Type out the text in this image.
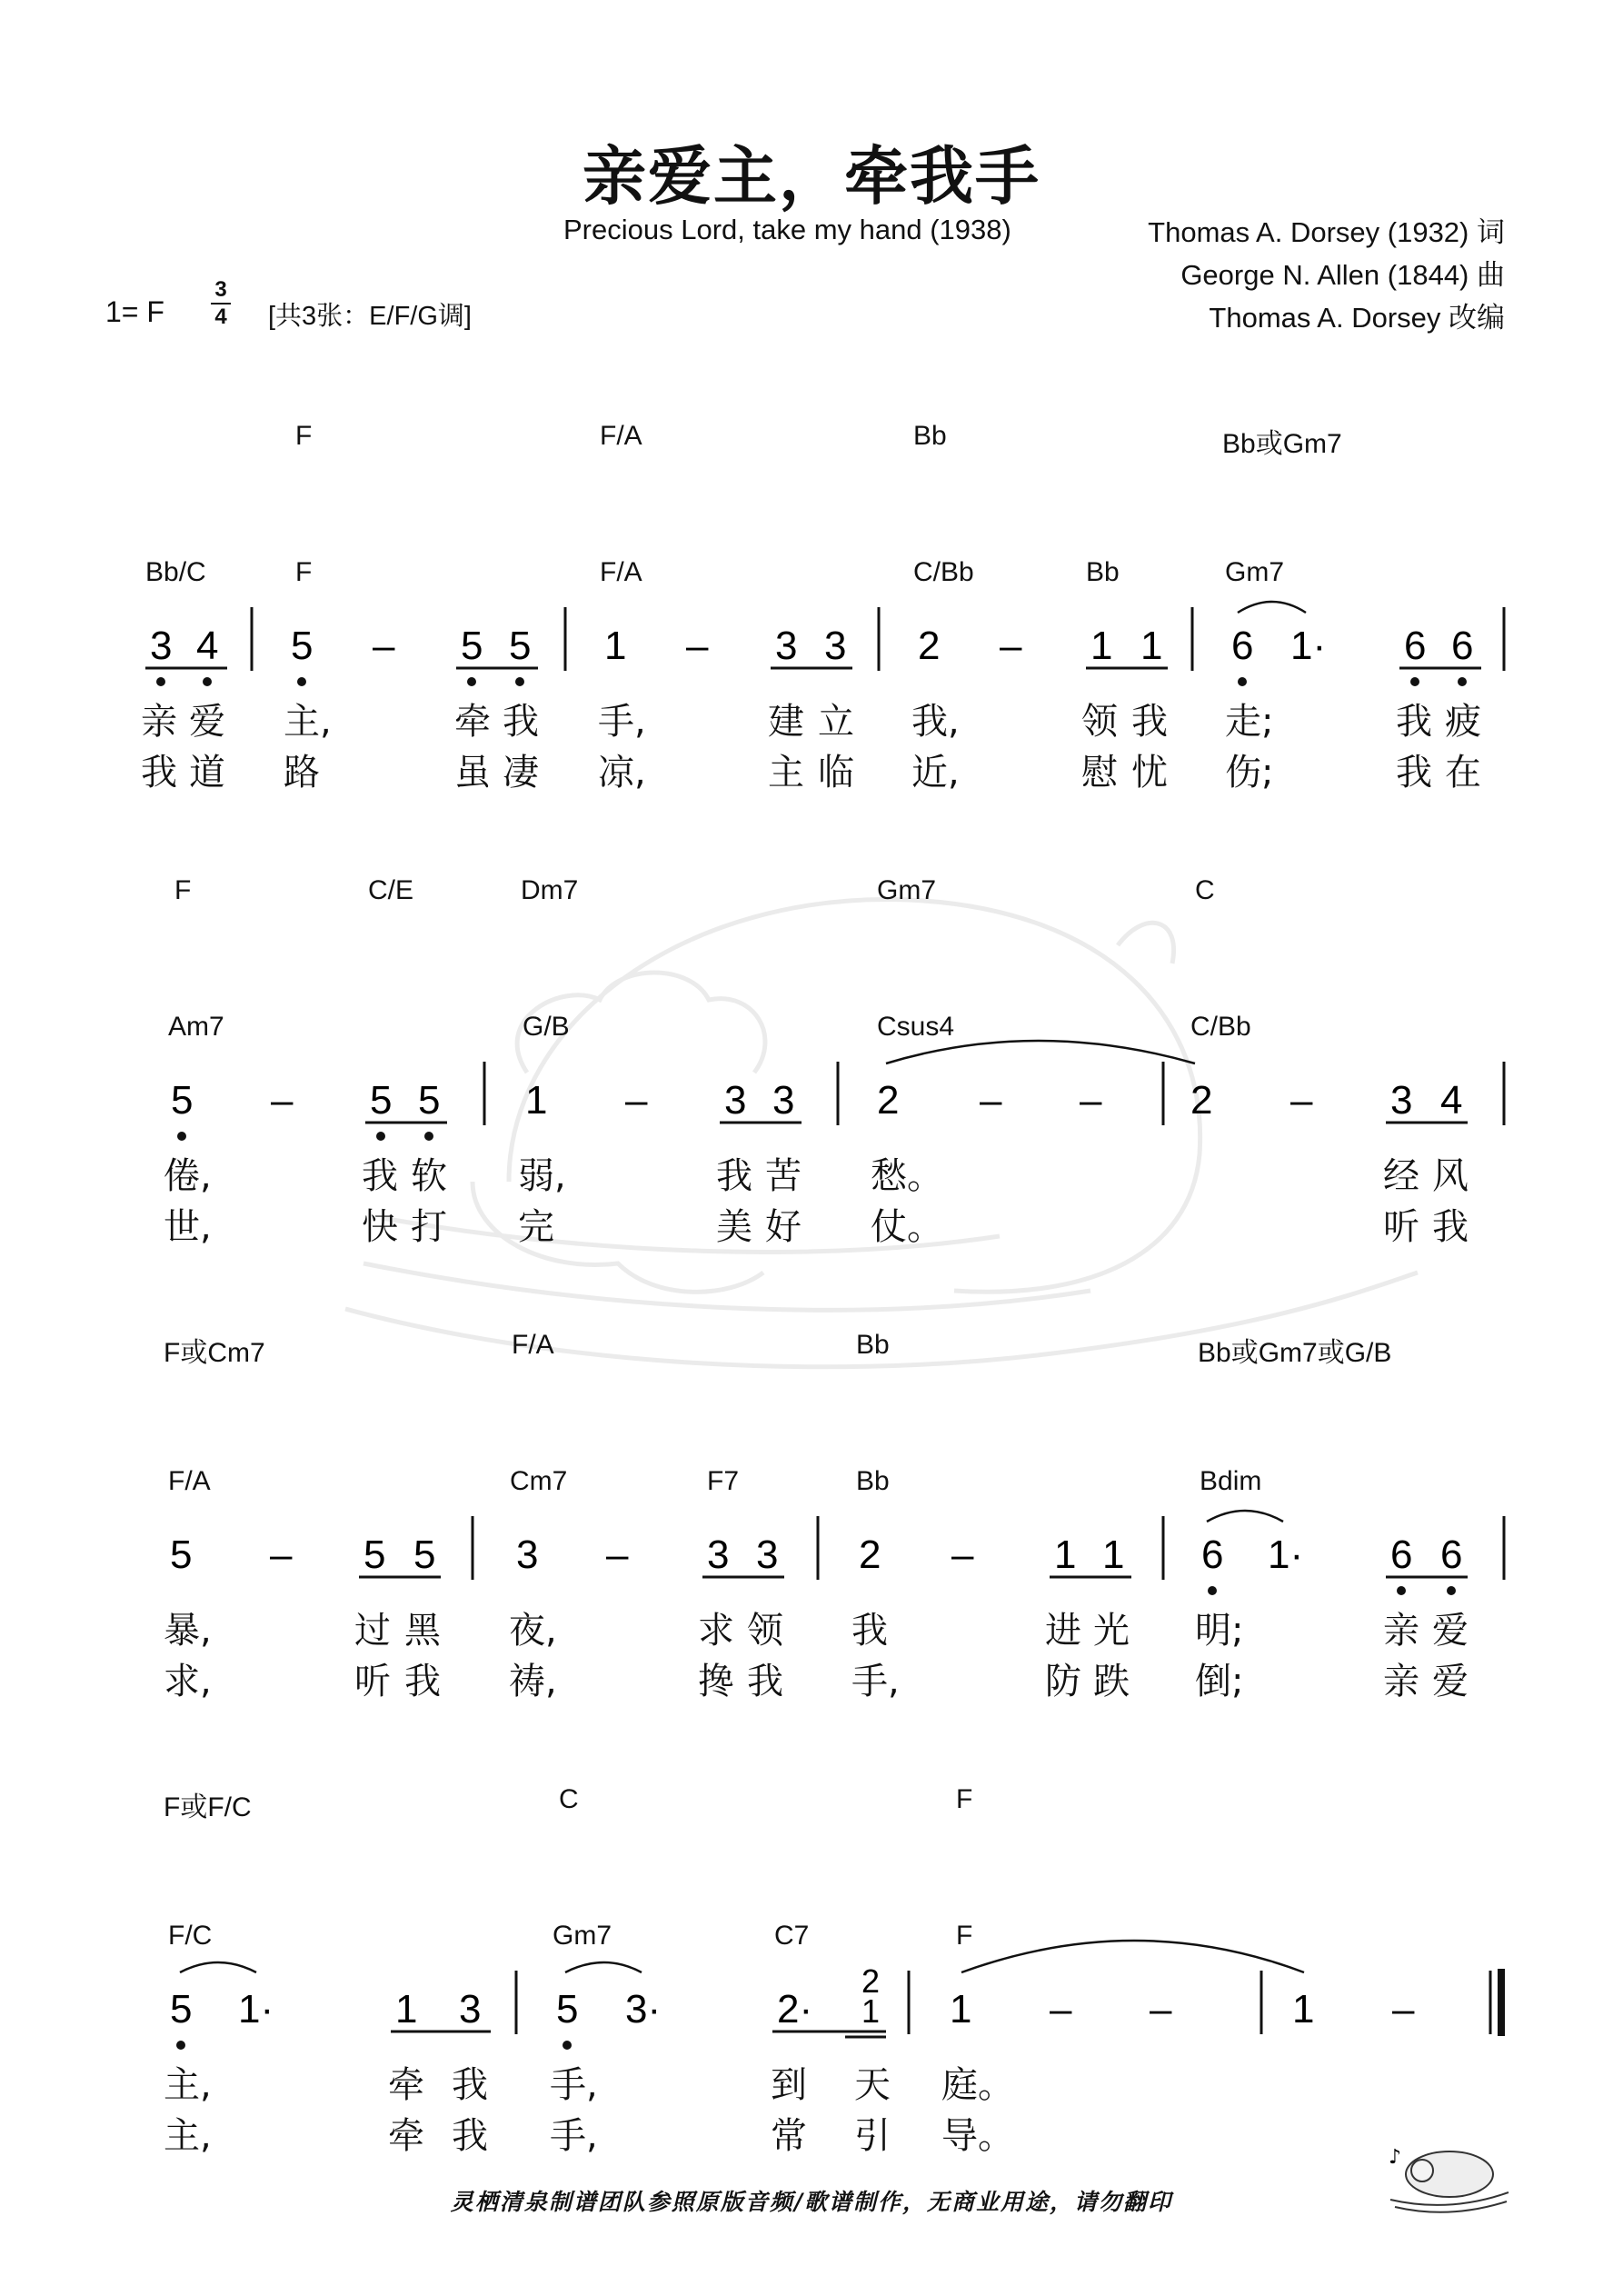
亲爱主，牵我手
Precious Lord, take my hand (1938)	Thomas A. Dorsey (1932) 词
George N. Allen (1844) 曲
Thomas A. Dorsey 改编
1= F
3
4 [共3张：E/F/G调]
F	F/A	Bb	Bb或Gm7
Bb/C	F	F/A	C/Bb	Bb	Gm7
3 4 5 – 5 5 1 – 3 3 2 – 1 1 6 1· 6 6
亲 爱 主,	牵 我 手,	建 立 我,	领 我 走;	我 疲
我 道 路	虽 凄 凉,	主 临 近,	慰 忧 伤;	我 在
F	C/E	Dm7	Gm7	C
Am7	G/B	Csus4	C/Bb
5 – 5 5 1 – 3 3 2 – – 2 – 3 4
倦,	我 软 弱,	我 苦 愁。	经 风
世,	快 打 完	美 好 仗。	听 我
F或Cm7	F/A	Bb	Bb或Gm7或G/B
F/A	Cm7	F7	Bb	Bdim
5 – 5 5 3 – 3 3 2 – 1 1 6 1· 6 6
暴,	过 黑 夜,	求 领 我	进 光 明;	亲 爱
求,	听 我 祷,	搀 我 手,	防 跌 倒;	亲 爱
F或F/C	C	F
F/C	Gm7	C7	F
5 1·	1 3 5 3·	2·
2
1 1 – –	1 –
主,	牵 我 手,	到 天 庭。
主,	牵 我 手,	常 引 导。
灵栖清泉制谱团队参照原版音频/歌谱制作，无商业用途，请勿翻印
♪
